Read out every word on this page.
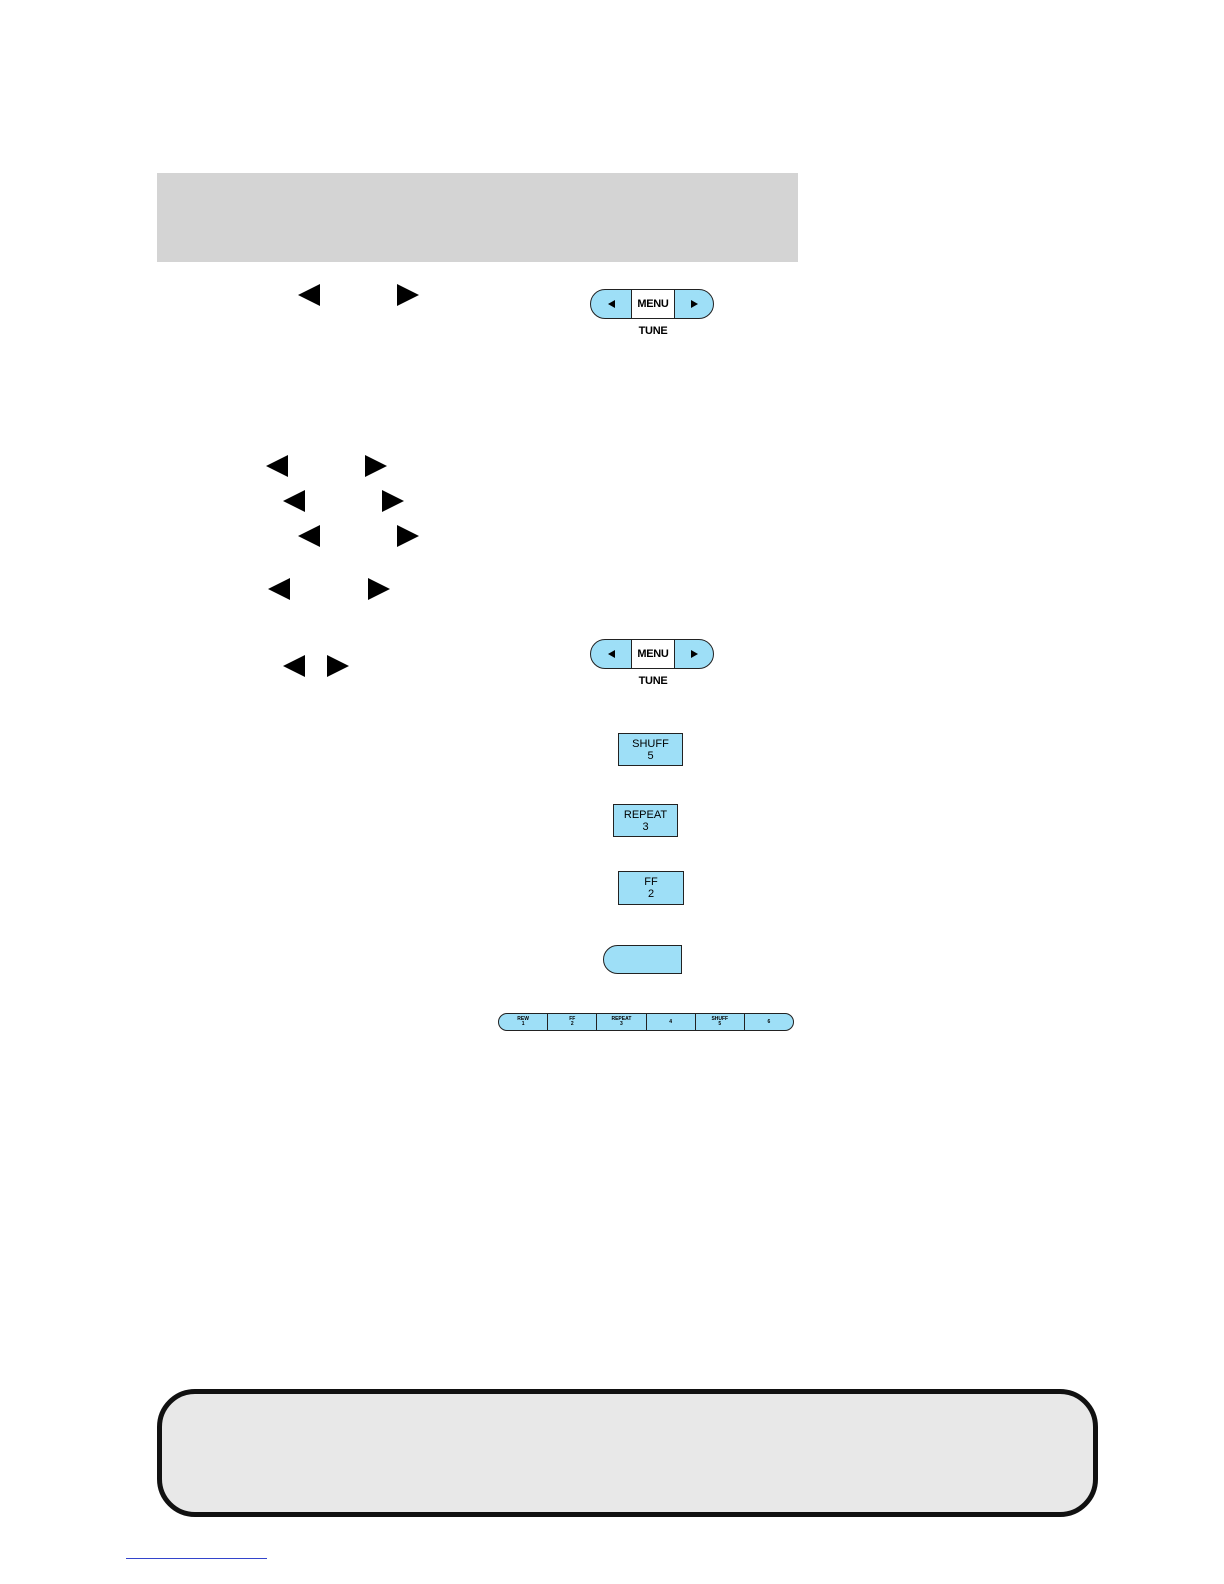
MENU
TUNE
MENU
TUNE
SHUFF
5
REPEAT
3
FF
2
REW
1
FF
2
REPEAT
3	4	SHUFF
5	6
